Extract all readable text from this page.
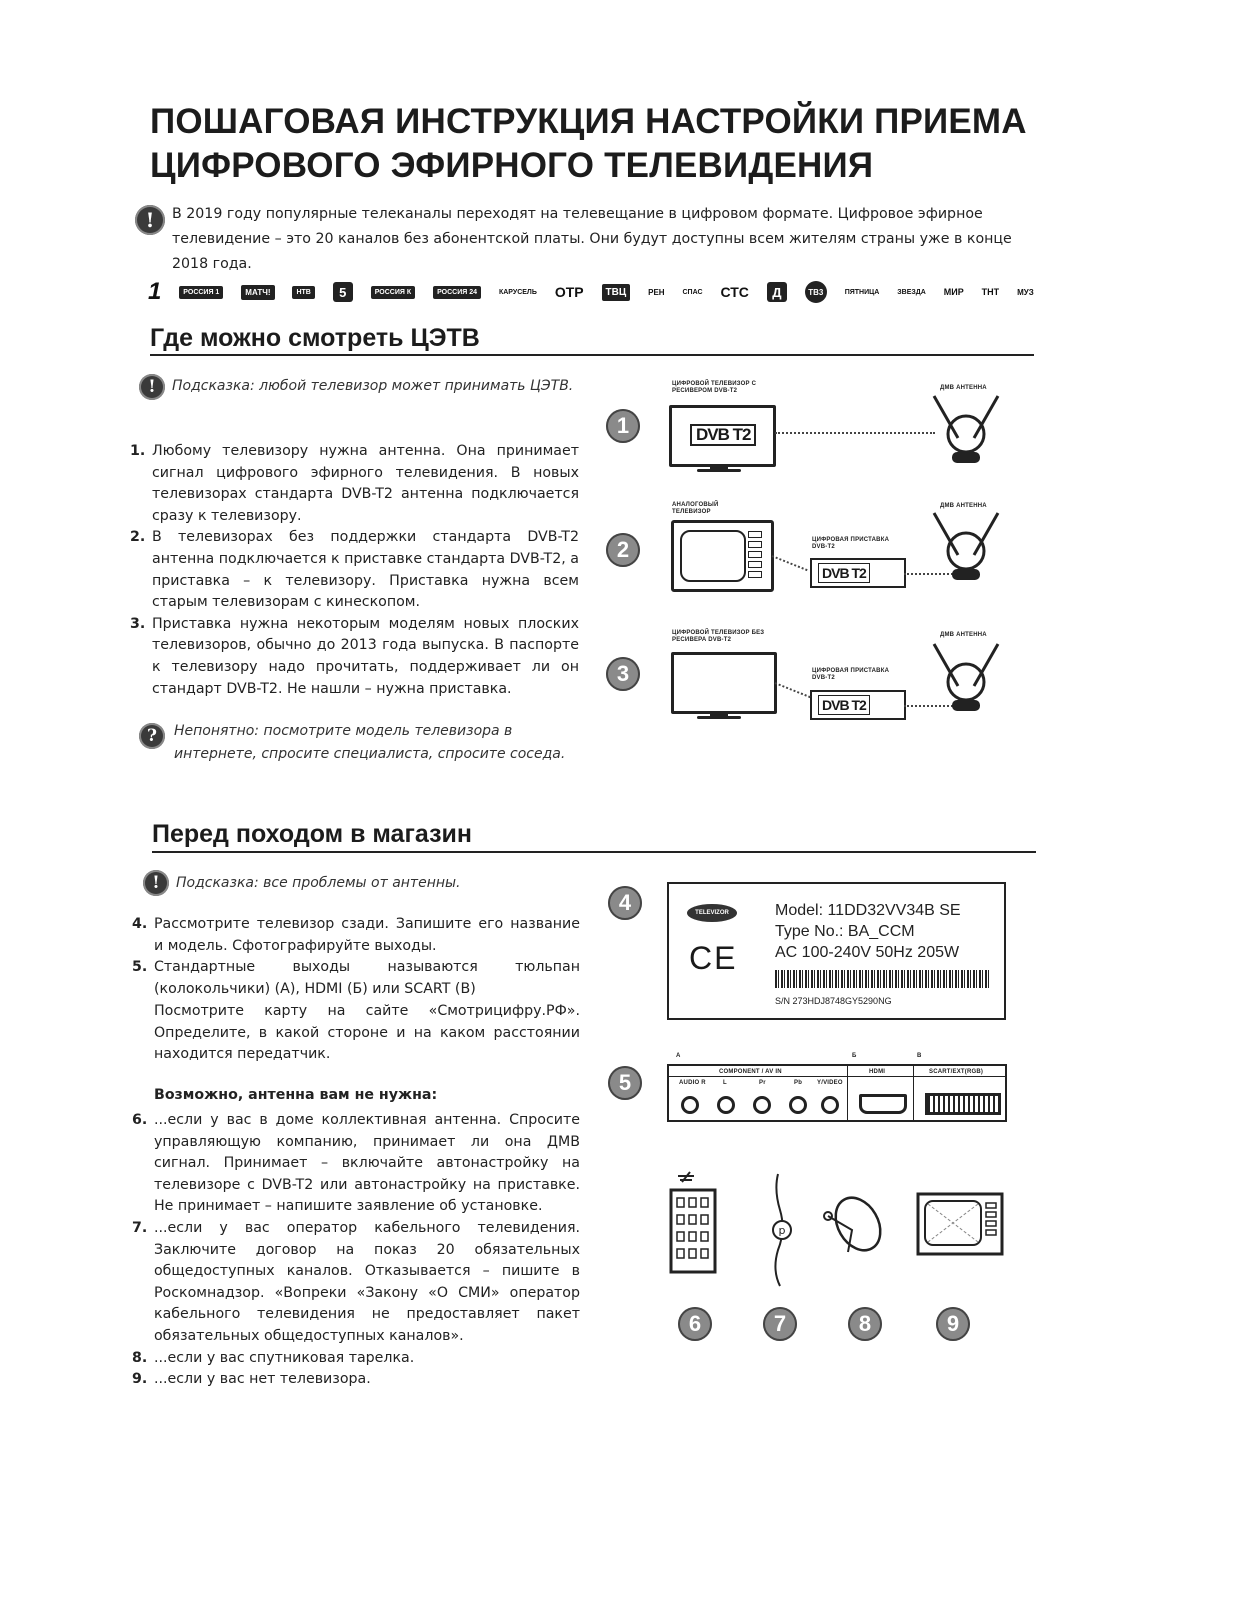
ПОШАГОВАЯ ИНСТРУКЦИЯ НАСТРОЙКИ ПРИЕМА
ЦИФРОВОГО ЭФИРНОГО ТЕЛЕВИДЕНИЯ
!	В 2019 году популярные телеканалы переходят на телевещание в цифровом формате. Цифровое эфирное телевидение – это 20 каналов без абонентской платы. Они будут доступны всем жителям страны уже в конце 2018 года.
1	РОССИЯ 1	МАТЧ!	НТВ	5	РОССИЯ К	РОССИЯ 24	КАРУСЕЛЬ ОТР	ТВЦ	РЕН	СПАС СТС	Д	ТВ3	ПЯТНИЦА	ЗВЕЗДА МИР ТНТ МУЗ
Где можно смотреть ЦЭТВ
!	Подсказка: любой телевизор может принимать ЦЭТВ.
1. Любому телевизору нужна антенна. Она принимает сигнал цифрового эфирного телевидения. В новых телевизорах стандарта DVB-T2 антенна подключается сразу к телевизору.
2. В телевизорах без поддержки стандарта DVB-T2 антенна подключается к приставке стандарта DVB-T2, а приставка – к телевизору. Приставка нужна всем старым телевизорам с кинескопом.
3. Приставка нужна некоторым моделям новых плоских телевизоров, обычно до 2013 года выпуска. В паспорте к телевизору надо прочитать, поддерживает ли он стандарт DVB-T2. Не нашли – нужна приставка.
?	Непонятно: посмотрите модель телевизора в интернете, спросите специалиста, спросите соседа.
1
2
3
ЦИФРОВОЙ ТЕЛЕВИЗОР С РЕСИВЕРОМ DVB-T2
АНАЛОГОВЫЙ ТЕЛЕВИЗОР
ЦИФРОВОЙ ТЕЛЕВИЗОР БЕЗ РЕСИВЕРА DVB-T2
ДМВ АНТЕННА
ДМВ АНТЕННА
ДМВ АНТЕННА
ЦИФРОВАЯ ПРИСТАВКА DVB-T2
ЦИФРОВАЯ ПРИСТАВКА DVB-T2
DVB T2
DVB T2
DVB T2
Перед походом в магазин
!	Подсказка: все проблемы от антенны.
4. Рассмотрите телевизор сзади. Запишите его название и модель. Сфотографируйте выходы.
5. Стандартные выходы называются тюльпан (колокольчики) (А), HDMI (Б) или SCART (В)
Посмотрите карту на сайте «Смотрицифру.РФ». Определите, в какой стороне и на каком расстоянии находится передатчик.
Возможно, антенна вам не нужна:
6. ...если у вас в доме коллективная антенна. Спросите управляющую компанию, принимает ли она ДМВ сигнал. Принимает – включайте автонастройку на телевизоре с DVB-T2 или автонастройку на приставке. Не принимает – напишите заявление об установке.
7. ...если у вас оператор кабельного телевидения. Заключите договор на показ 20 обязательных общедоступных каналов. Отказывается – пишите в Роскомнадзор. «Вопреки «Закону «О СМИ» оператор кабельного телевидения не предоставляет пакет обязательных общедоступных каналов».
8. ...если у вас спутниковая тарелка.
9. ...если у вас нет телевизора.
4	TELEVIZOR
CE
Model: 11DD32VV34B SE
Type No.: BA_CCM
AC 100-240V 50Hz 205W
S/N 273HDJ8748GY5290NG
5
А	Б	В
COMPONENT / AV IN	HDMI	SCART/EXT(RGB)
AUDIO R	L	Pr	Pb Y/VIDEO
p
6	7	8	9
